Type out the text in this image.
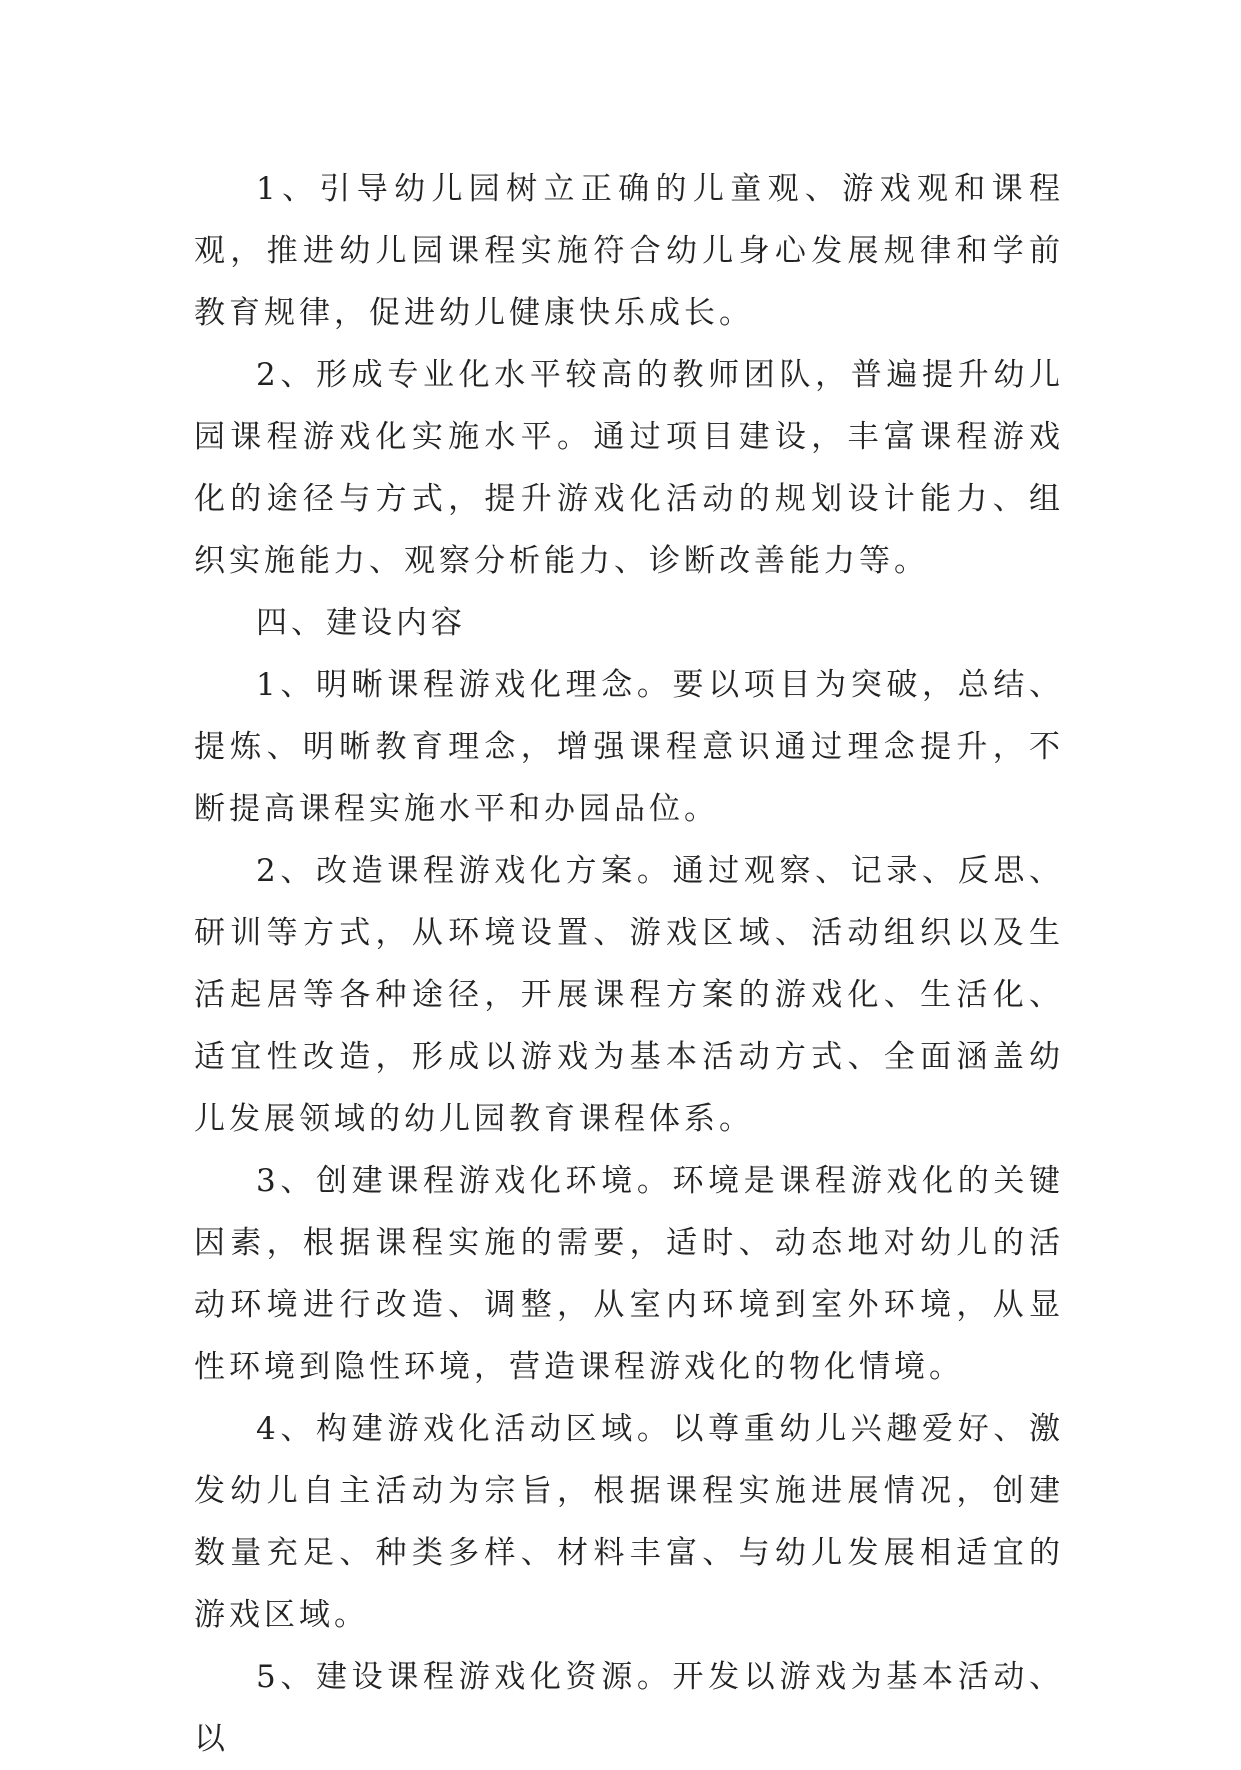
1、引导幼儿园树立正确的儿童观、游戏观和课程观，推进幼儿园课程实施符合幼儿身心发展规律和学前教育规律，促进幼儿健康快乐成长。

2、形成专业化水平较高的教师团队，普遍提升幼儿园课程游戏化实施水平。通过项目建设，丰富课程游戏化的途径与方式，提升游戏化活动的规划设计能力、组织实施能力、观察分析能力、诊断改善能力等。

四、建设内容

1、明晰课程游戏化理念。要以项目为突破，总结、提炼、明晰教育理念，增强课程意识通过理念提升，不断提高课程实施水平和办园品位。

2、改造课程游戏化方案。通过观察、记录、反思、研训等方式，从环境设置、游戏区域、活动组织以及生活起居等各种途径，开展课程方案的游戏化、生活化、适宜性改造，形成以游戏为基本活动方式、全面涵盖幼儿发展领域的幼儿园教育课程体系。

3、创建课程游戏化环境。环境是课程游戏化的关键因素，根据课程实施的需要，适时、动态地对幼儿的活动环境进行改造、调整，从室内环境到室外环境，从显性环境到隐性环境，营造课程游戏化的物化情境。

4、构建游戏化活动区域。以尊重幼儿兴趣爱好、激发幼儿自主活动为宗旨，根据课程实施进展情况，创建数量充足、种类多样、材料丰富、与幼儿发展相适宜的游戏区域。

5、建设课程游戏化资源。开发以游戏为基本活动、以
